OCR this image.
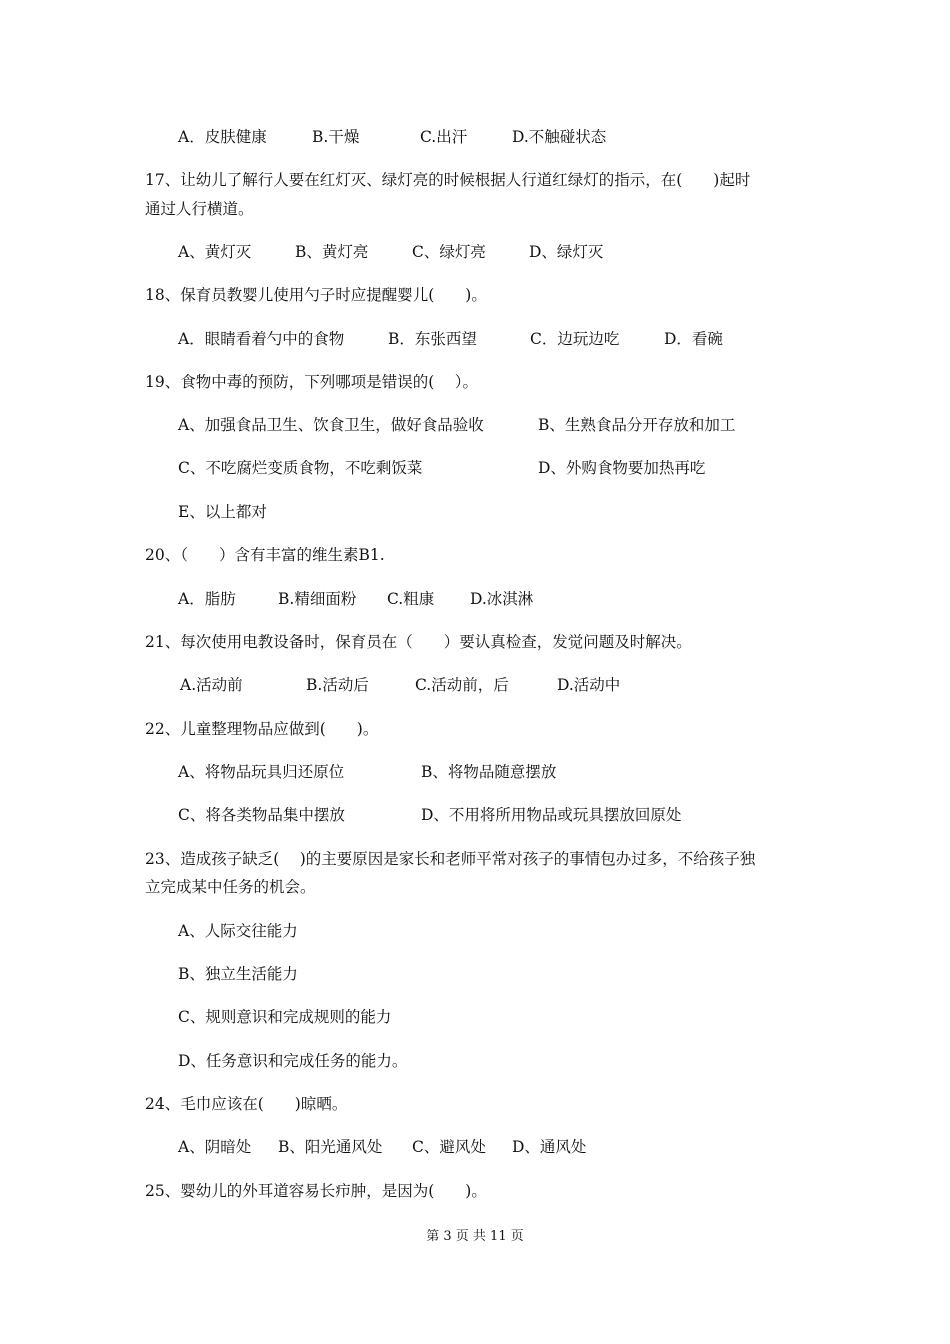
A．皮肤健康	B.干燥	C.出汗	D.不触碰状态
17、让幼儿了解行人要在红灯灭、绿灯亮的时候根据人行道红绿灯的指示，在(　　)起时
通过人行横道。
A、黄灯灭	B、黄灯亮	C、绿灯亮	D、绿灯灭
18、保育员教婴儿使用勺子时应提醒婴儿(　　)。
A．眼睛看着勺中的食物	B．东张西望	C．边玩边吃	D．看碗
19、食物中毒的预防，下列哪项是错误的(　 ）。
A、加强食品卫生、饮食卫生，做好食品验收	B、生熟食品分开存放和加工
C、不吃腐烂变质食物，不吃剩饭菜	D、外购食物要加热再吃
E、以上都对
20、（　　）含有丰富的维生素B1.
A．脂肪	B.精细面粉 C.粗康 D.冰淇淋
21、每次使用电教设备时，保育员在（　　）要认真检查，发觉问题及时解决。
A.活动前	B.活动后	C.活动前，后	D.活动中
22、儿童整理物品应做到(　　)。
A、将物品玩具归还原位	B、将物品随意摆放
C、将各类物品集中摆放	D、不用将所用物品或玩具摆放回原处
23、造成孩子缺乏(　 )的主要原因是家长和老师平常对孩子的事情包办过多，不给孩子独
立完成某中任务的机会。
A、人际交往能力
B、独立生活能力
C、规则意识和完成规则的能力
D、任务意识和完成任务的能力。
24、毛巾应该在(　　)晾晒。
A、阴暗处 B、阳光通风处 C、避风处 D、通风处
25、婴幼儿的外耳道容易长疖肿，是因为(　　)。
第 3 页 共 11 页
